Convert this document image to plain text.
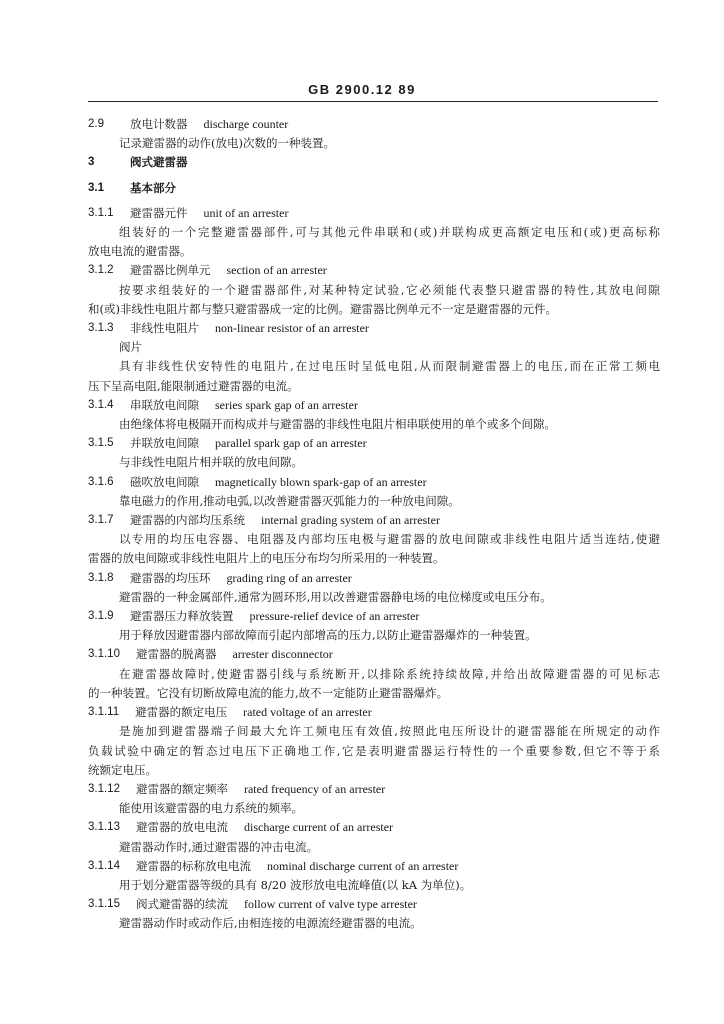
GB 2900.12 89
2.9	放电计数器 discharge counter
记录避雷器的动作(放电)次数的一种装置。
3	阀式避雷器
3.1	基本部分
3.1.1 避雷器元件 unit of an arrester
组装好的一个完整避雷器部件,可与其他元件串联和(或)并联构成更高额定电压和(或)更高标称
放电电流的避雷器。
3.1.2 避雷器比例单元 section of an arrester
按要求组装好的一个避雷器部件,对某种特定试验,它必须能代表整只避雷器的特性,其放电间隙
和(或)非线性电阻片都与整只避雷器成一定的比例。避雷器比例单元不一定是避雷器的元件。
3.1.3 非线性电阻片 non-linear resistor of an arrester
阀片
具有非线性伏安特性的电阻片,在过电压时呈低电阻,从而限制避雷器上的电压,而在正常工频电
压下呈高电阻,能限制通过避雷器的电流。
3.1.4 串联放电间隙 series spark gap of an arrester
由绝缘体将电极隔开而构成并与避雷器的非线性电阻片相串联使用的单个或多个间隙。
3.1.5 并联放电间隙 parallel spark gap of an arrester
与非线性电阻片相并联的放电间隙。
3.1.6 磁吹放电间隙 magnetically blown spark-gap of an arrester
靠电磁力的作用,推动电弧,以改善避雷器灭弧能力的一种放电间隙。
3.1.7 避雷器的内部均压系统 internal grading system of an arrester
以专用的均压电容器、电阻器及内部均压电极与避雷器的放电间隙或非线性电阻片适当连结,使避
雷器的放电间隙或非线性电阻片上的电压分布均匀所采用的一种装置。
3.1.8 避雷器的均压环 grading ring of an arrester
避雷器的一种金属部件,通常为圆环形,用以改善避雷器静电场的电位梯度或电压分布。
3.1.9 避雷器压力释放装置 pressure-relief device of an arrester
用于释放因避雷器内部故障而引起内部增高的压力,以防止避雷器爆炸的一种装置。
3.1.10 避雷器的脱离器 arrester disconnector
在避雷器故障时,使避雷器引线与系统断开,以排除系统持续故障,并给出故障避雷器的可见标志
的一种装置。它没有切断故障电流的能力,故不一定能防止避雷器爆炸。
3.1.11 避雷器的额定电压 rated voltage of an arrester
是施加到避雷器端子间最大允许工频电压有效值,按照此电压所设计的避雷器能在所规定的动作
负载试验中确定的暂态过电压下正确地工作,它是表明避雷器运行特性的一个重要参数,但它不等于系
统额定电压。
3.1.12 避雷器的额定频率 rated frequency of an arrester
能使用该避雷器的电力系统的频率。
3.1.13 避雷器的放电电流 discharge current of an arrester
避雷器动作时,通过避雷器的冲击电流。
3.1.14 避雷器的标称放电电流 nominal discharge current of an arrester
用于划分避雷器等级的具有 8/20 波形放电电流峰值(以 kA 为单位)。
3.1.15 阀式避雷器的续流 follow current of valve type arrester
避雷器动作时或动作后,由相连接的电源流经避雷器的电流。
